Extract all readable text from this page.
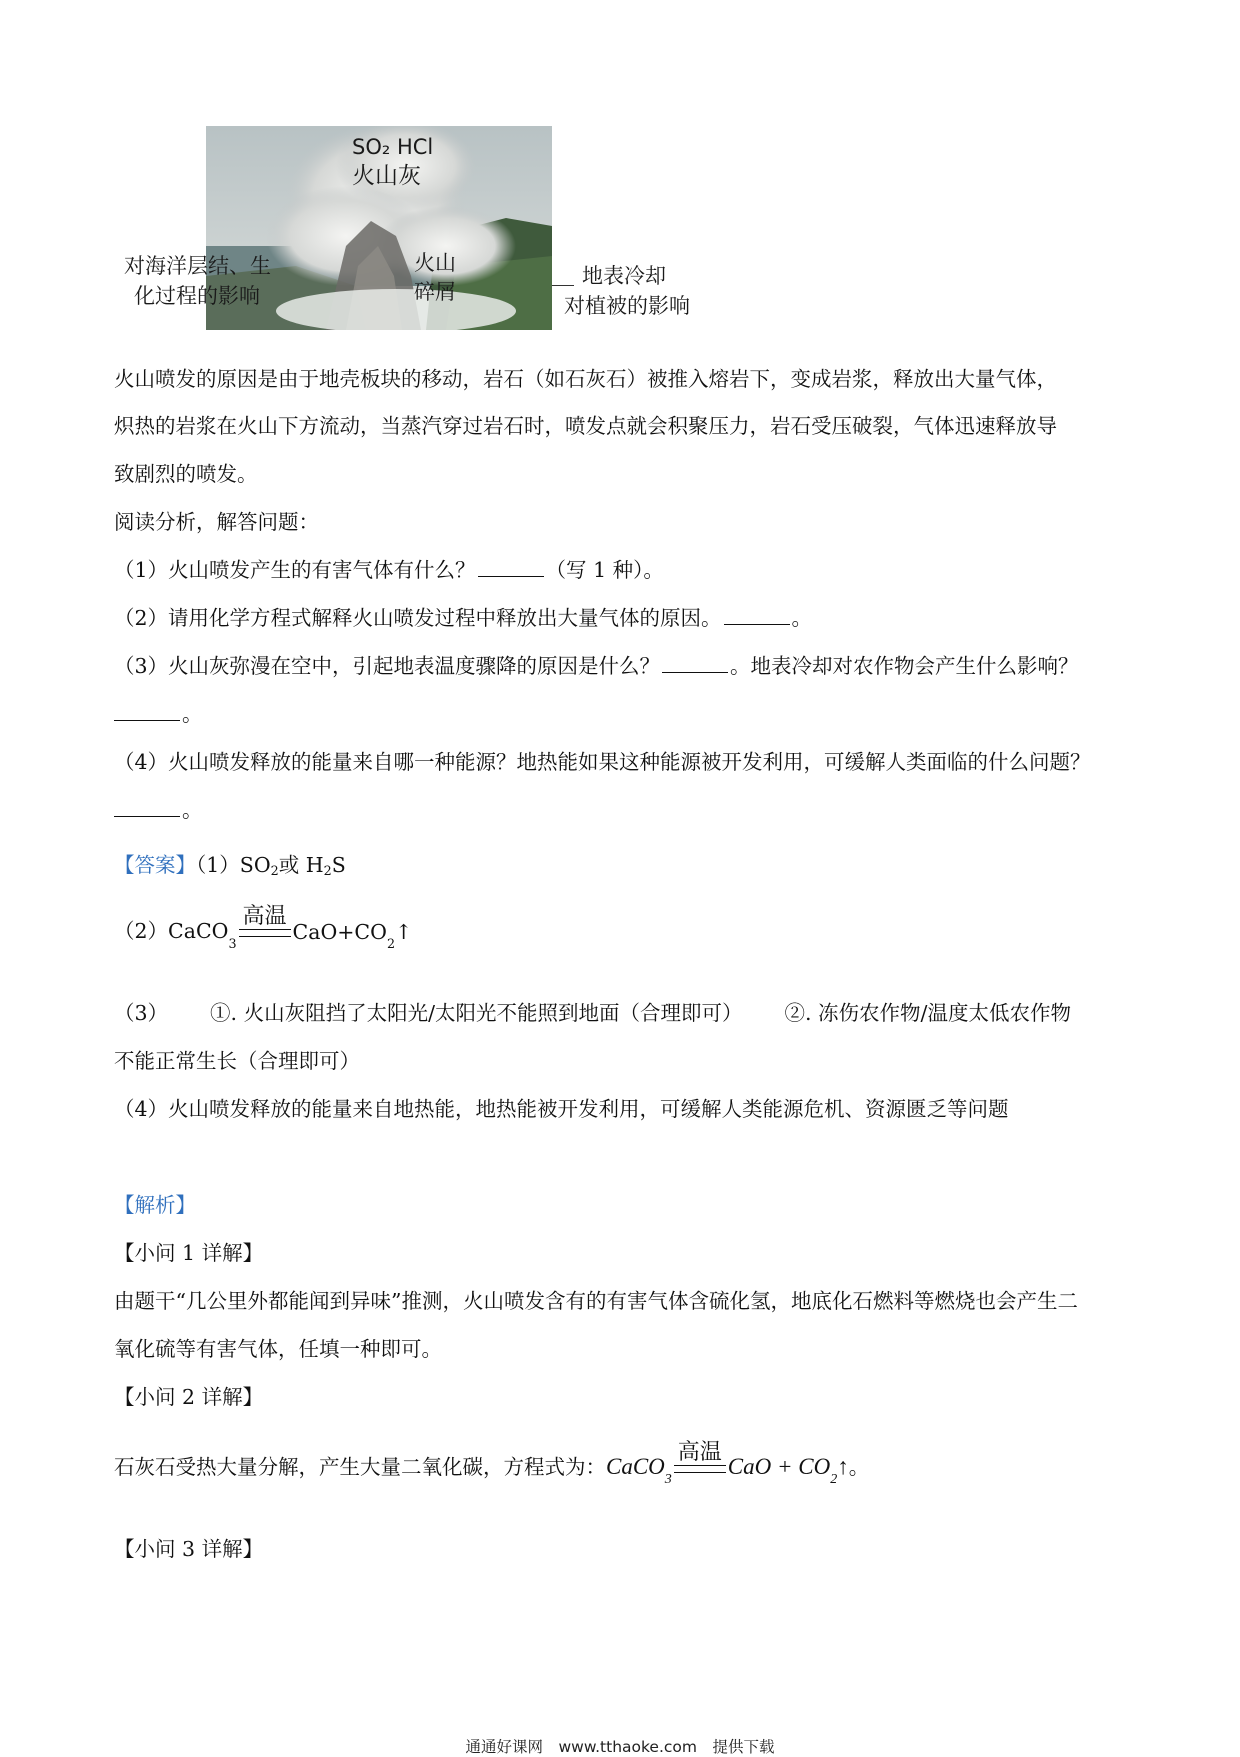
SO₂ HCl
火山灰
火山
碎屑
对海洋层结、生
化过程的影响
地表冷却
对植被的影响
火山喷发的原因是由于地壳板块的移动，岩石（如石灰石）被推入熔岩下，变成岩浆，释放出大量气体，
炽热的岩浆在火山下方流动，当蒸汽穿过岩石时，喷发点就会积聚压力，岩石受压破裂，气体迅速释放导
致剧烈的喷发。
阅读分析，解答问题：
（1）火山喷发产生的有害气体有什么？	（写 1 种）。
（2）请用化学方程式解释火山喷发过程中释放出大量气体的原因。	。
（3）火山灰弥漫在空中，引起地表温度骤降的原因是什么？	。地表冷却对农作物会产生什么影响？
。
（4）火山喷发释放的能量来自哪一种能源？地热能如果这种能源被开发利用，可缓解人类面临的什么问题？
。
【答案】$(1)SO_2$或 $H_2S$
（2）CaCO
3
高温
CaO+CO 2 ↑
（3） ①. 火山灰阻挡了太阳光/太阳光不能照到地面（合理即可） ②. 冻伤农作物/温度太低农作物
不能正常生长（合理即可）
（4）火山喷发释放的能量来自地热能，地热能被开发利用，可缓解人类能源危机、资源匮乏等问题
【解析】
【小问 1 详解】
由题干“几公里外都能闻到异味”推测，火山喷发含有的有害气体含硫化氢，地底化石燃料等燃烧也会产生二
氧化硫等有害气体，任填一种即可。
【小问 2 详解】
石灰石受热大量分解，产生大量二氧化碳，方程式为： CaCO
3
高温
CaO + CO
2
↑ 。
【小问 3 详解】
通通好课网　www.tthaoke.com　提供下载
